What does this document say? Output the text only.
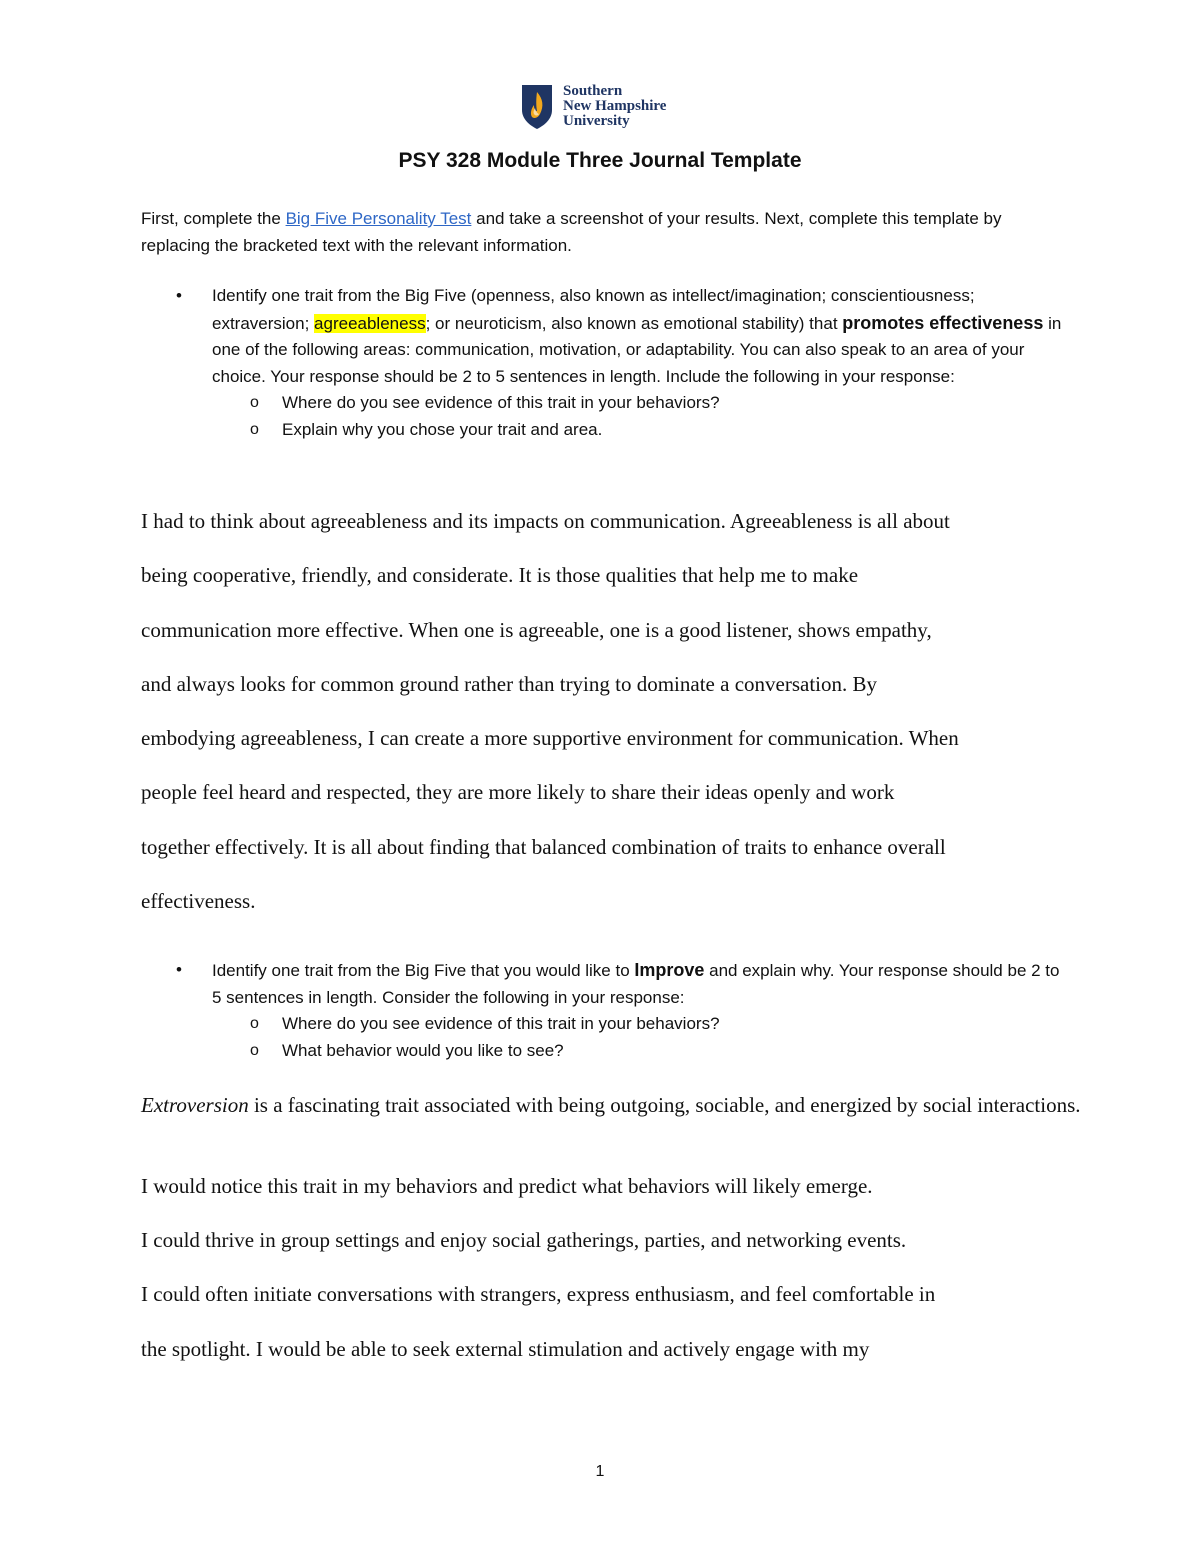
Southern
New Hampshire
University
PSY 328 Module Three Journal Template
First, complete the Big Five Personality Test and take a screenshot of your results. Next, complete this template by replacing the bracketed text with the relevant information.
• Identify one trait from the Big Five (openness, also known as intellect/imagination; conscientiousness; extraversion; agreeableness; or neuroticism, also known as emotional stability) that promotes effectiveness in one of the following areas: communication, motivation, or adaptability. You can also speak to an area of your choice. Your response should be 2 to 5 sentences in length. Include the following in your response:
o Where do you see evidence of this trait in your behaviors?
o Explain why you chose your trait and area.
I had to think about agreeableness and its impacts on communication. Agreeableness is all about
being cooperative, friendly, and considerate. It is those qualities that help me to make
communication more effective. When one is agreeable, one is a good listener, shows empathy,
and always looks for common ground rather than trying to dominate a conversation. By
embodying agreeableness, I can create a more supportive environment for communication. When
people feel heard and respected, they are more likely to share their ideas openly and work
together effectively. It is all about finding that balanced combination of traits to enhance overall
effectiveness.
• Identify one trait from the Big Five that you would like to Improve and explain why. Your response should be 2 to 5 sentences in length. Consider the following in your response:
o Where do you see evidence of this trait in your behaviors?
o What behavior would you like to see?
Extroversion is a fascinating trait associated with being outgoing, sociable, and energized by social interactions.
I would notice this trait in my behaviors and predict what behaviors will likely emerge.
I could thrive in group settings and enjoy social gatherings, parties, and networking events.
I could often initiate conversations with strangers, express enthusiasm, and feel comfortable in
the spotlight. I would be able to seek external stimulation and actively engage with my
1
